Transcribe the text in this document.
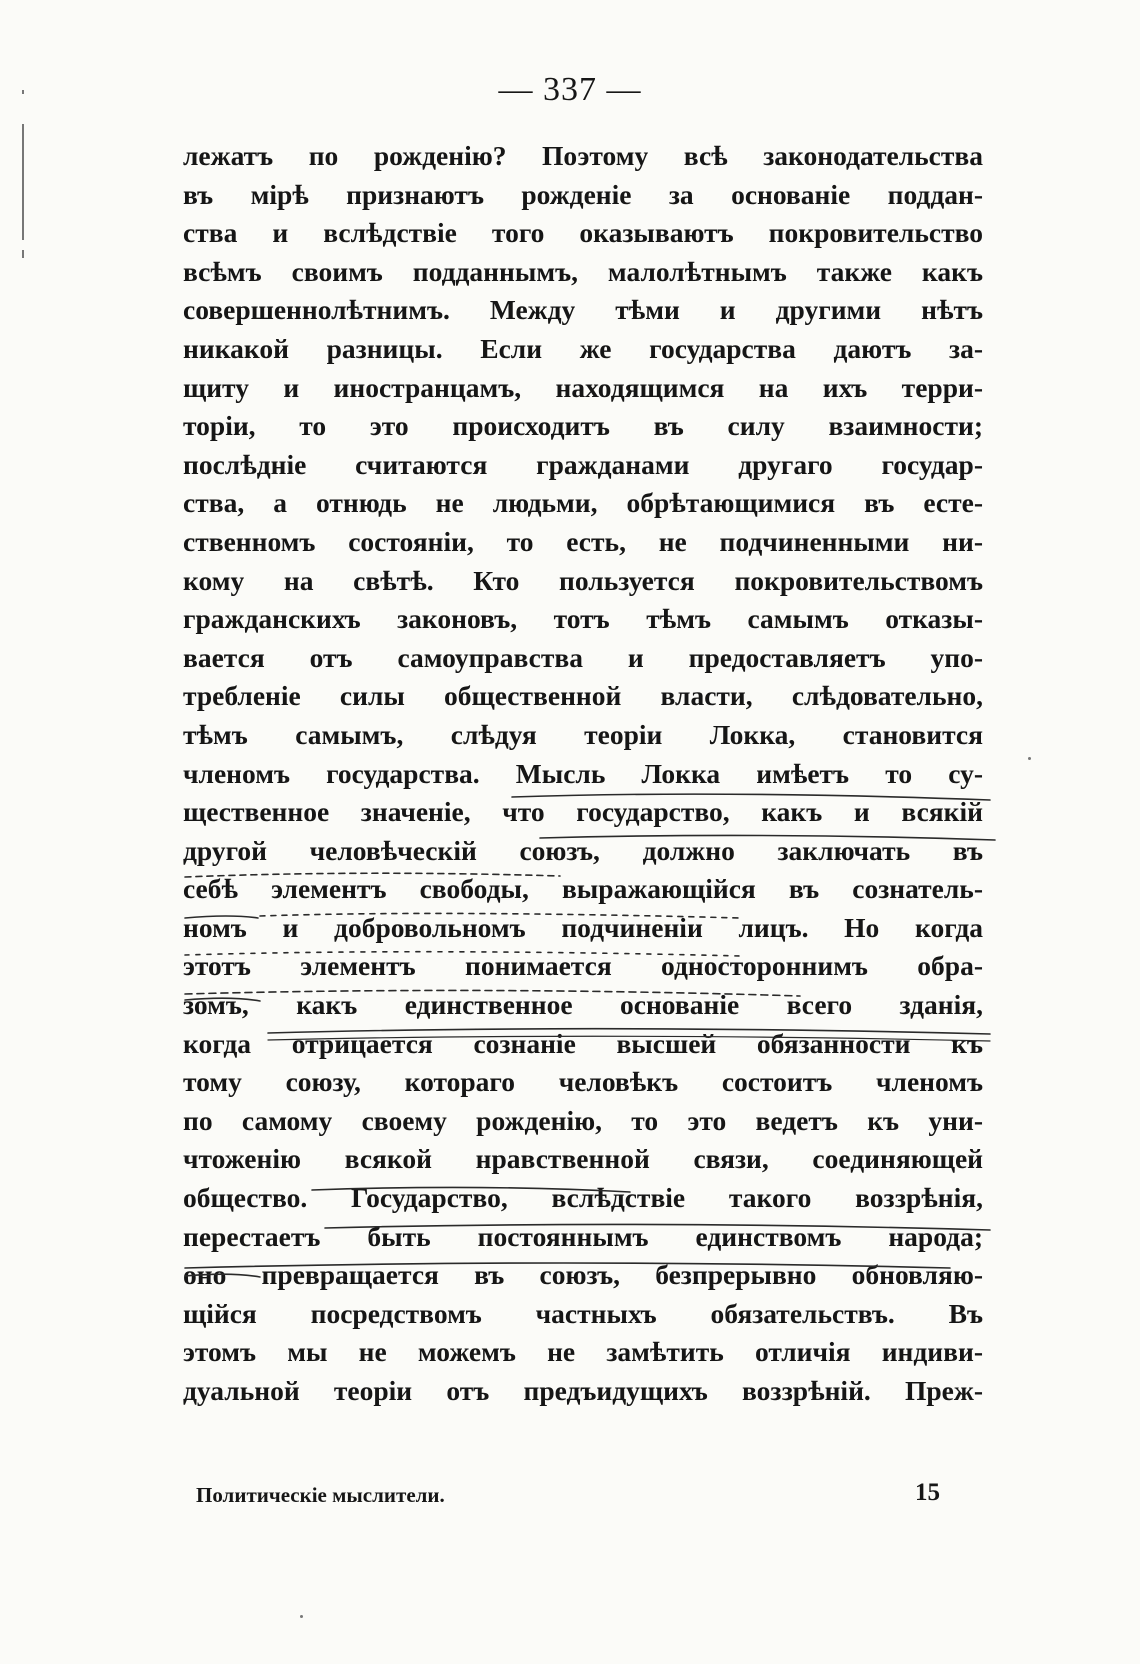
— 337 —
лежатъ по рожденію? Поэтому всѣ законодательства
въ мірѣ признаютъ рожденіе за основаніе поддан-
ства и вслѣдствіе того оказываютъ покровительство
всѣмъ своимъ подданнымъ, малолѣтнымъ также какъ
совершеннолѣтнимъ. Между тѣми и другими нѣтъ
никакой разницы. Если же государства даютъ за-
щиту и иностранцамъ, находящимся на ихъ терри-
торіи, то это происходитъ въ силу взаимности;
послѣдніе считаются гражданами другаго государ-
ства, а отнюдь не людьми, обрѣтающимися въ есте-
ственномъ состояніи, то есть, не подчиненными ни-
кому на свѣтѣ. Кто пользуется покровительствомъ
гражданскихъ законовъ, тотъ тѣмъ самымъ отказы-
вается отъ самоуправства и предоставляетъ упо-
требленіе силы общественной власти, слѣдовательно,
тѣмъ самымъ, слѣдуя теоріи Локка, становится
членомъ государства. Мысль Локка имѣетъ то су-
щественное значеніе, что государство, какъ и всякій
другой человѣческій союзъ, должно заключать въ
себѣ элементъ свободы, выражающійся въ сознатель-
номъ и добровольномъ подчиненіи лицъ. Но когда
этотъ элементъ понимается одностороннимъ обра-
зомъ, какъ единственное основаніе всего зданія,
когда отрицается сознаніе высшей обязанности къ
тому союзу, котораго человѣкъ состоитъ членомъ
по самому своему рожденію, то это ведетъ къ уни-
чтоженію всякой нравственной связи, соединяющей
общество. Государство, вслѣдствіе такого воззрѣнія,
перестаетъ быть постояннымъ единствомъ народа;
оно превращается въ союзъ, безпрерывно обновляю-
щійся посредствомъ частныхъ обязательствъ. Въ
этомъ мы не можемъ не замѣтить отличія индиви-
дуальной теоріи отъ предъидущихъ воззрѣній. Преж-
Политическіе мыслители.	15
